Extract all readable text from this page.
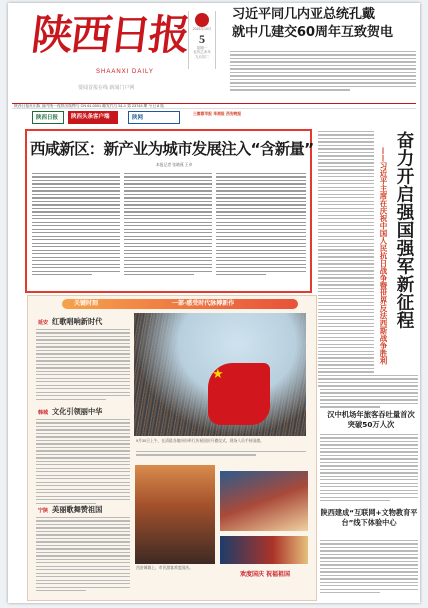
陕西日报
SHAANXI DAILY
要闻首报在线 新闻门户网
2015年10月
5
星期一
农历乙未年
九月初二
习近平同几内亚总统孔戴
就中几建交60周年互致贺电
陕西日报社出版 国内统一连续出版物号 CN 61-0001 邮发代号 51-1 第 23743 期 今日 8 版
陕西日报	陕西头条客户端	陕网
三秦都市报 华商报 西安晚报
西咸新区：新产业为城市发展注入“含新量”
本报记者 张晓燕 王卓	奋力开启强国强军新征程
——习近平主席在庆祝中国人民抗日战争暨世界反法西斯战争胜利
汉中机场年旅客吞吐量首次突破50万人次
陕西建成“互联网+文物教育平台”线下体验中心
关键时刻	一部·感受时代脉搏新作
延安 红歌唱响新时代
韩城 文化引领丽中华
宁陕 美丽歌舞赞祖国
★
9月30日上午，在清晨各地纷纷举行庆祝国庆升旗仪式，现场人员手持国旗。
西安城墙上，市民游客欢度国庆。
欢度国庆 祝福祖国
